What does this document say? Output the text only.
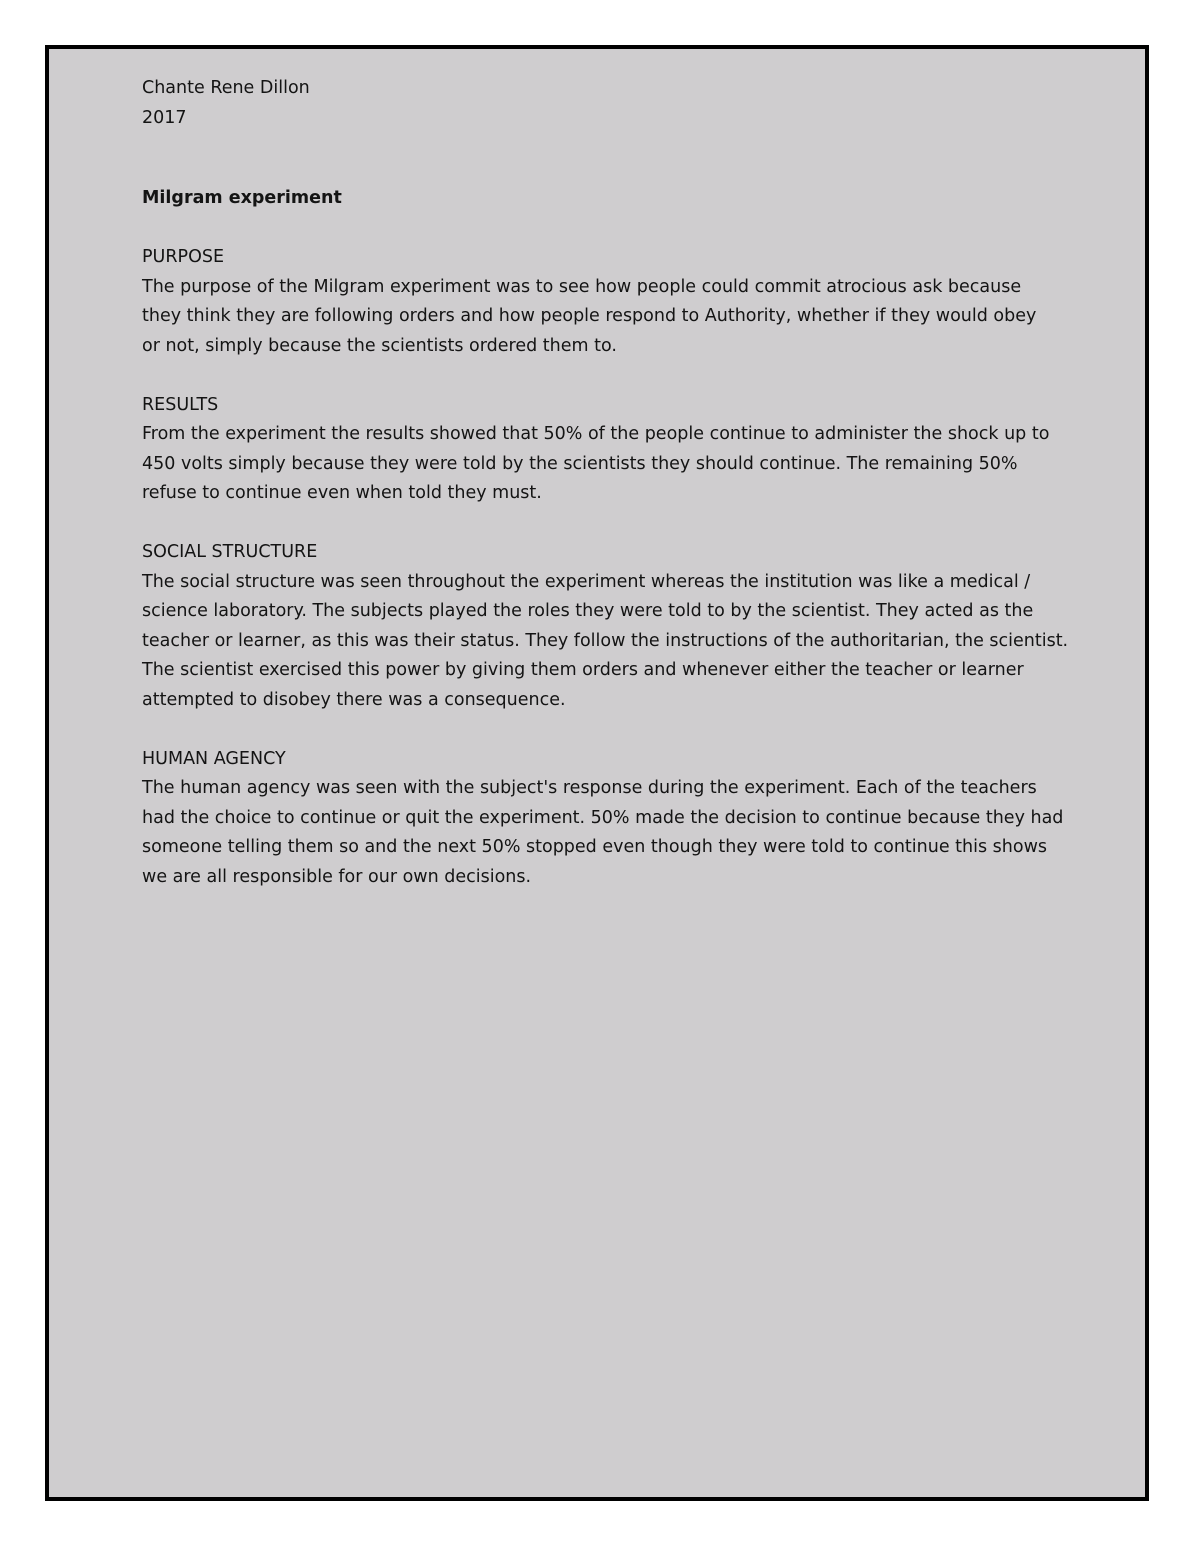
Chante Rene Dillon

2017

Milgram experiment

PURPOSE

The purpose of the Milgram experiment was to see how people could commit atrocious ask because

they think they are following orders and how people respond to Authority, whether if they would obey

or not, simply because the scientists ordered them to.

RESULTS

From the experiment the results showed that 50% of the people continue to administer the shock up to

450 volts simply because they were told by the scientists they should continue. The remaining 50%

refuse to continue even when told they must.

SOCIAL STRUCTURE

The social structure was seen throughout the experiment whereas the institution was like a medical /

science laboratory. The subjects played the roles they were told to by the scientist. They acted as the

teacher or learner, as this was their status. They follow the instructions of the authoritarian, the scientist.

The scientist exercised this power by giving them orders and whenever either the teacher or learner

attempted to disobey there was a consequence.

HUMAN AGENCY

The human agency was seen with the subject's response during the experiment. Each of the teachers

had the choice to continue or quit the experiment. 50% made the decision to continue because they had

someone telling them so and the next 50% stopped even though they were told to continue this shows

we are all responsible for our own decisions.
